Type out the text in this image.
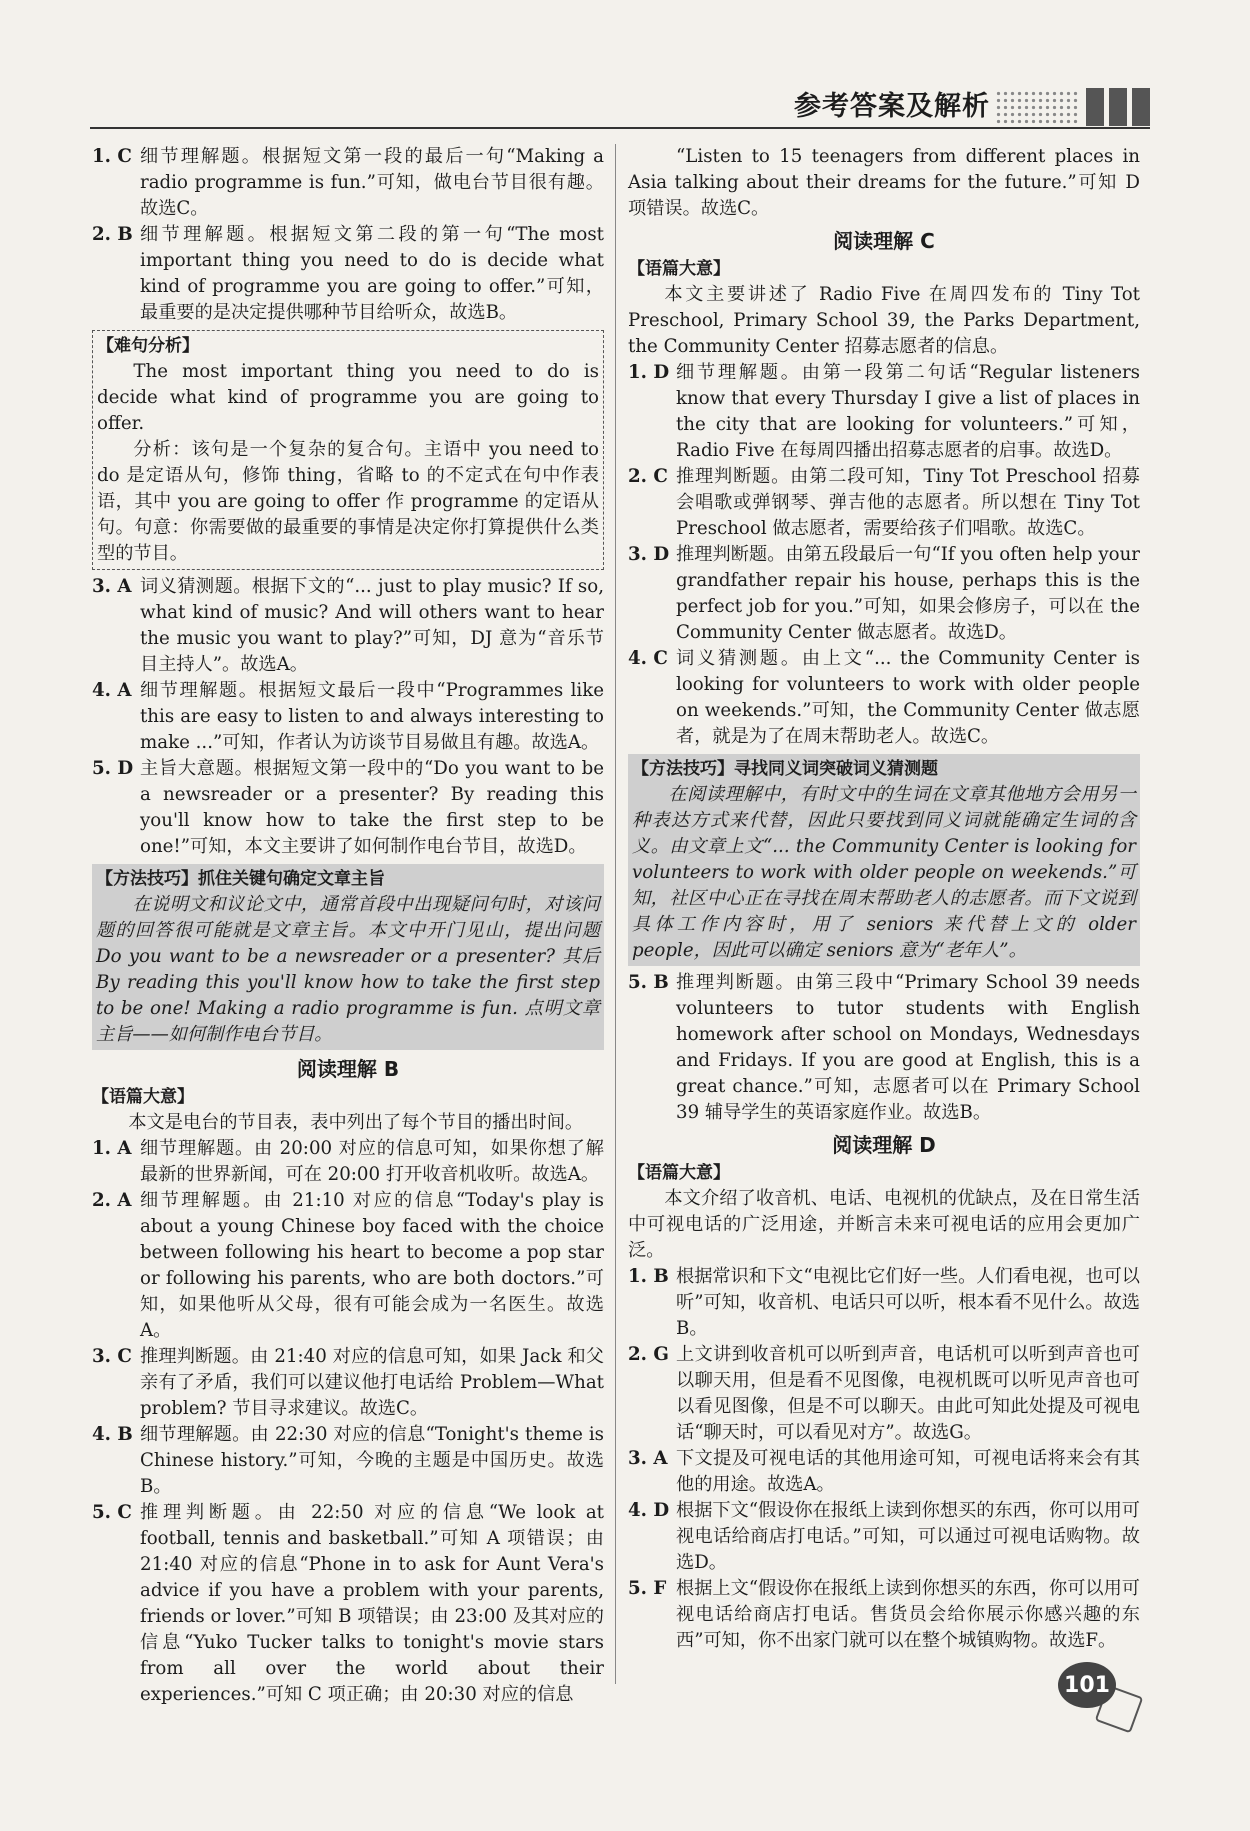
参考答案及解析
1. C 细节理解题。根据短文第一段的最后一句“Making a radio programme is fun.”可知，做电台节目很有趣。故选C。
2. B 细节理解题。根据短文第二段的第一句“The most important thing you need to do is decide what kind of programme you are going to offer.”可知，最重要的是决定提供哪种节目给听众，故选B。
【难句分析】

The most important thing you need to do is decide what kind of programme you are going to offer.

分析：该句是一个复杂的复合句。主语中 you need to do 是定语从句，修饰 thing，省略 to 的不定式在句中作表语，其中 you are going to offer 作 programme 的定语从句。句意：你需要做的最重要的事情是决定你打算提供什么类型的节目。

3. A 词义猜测题。根据下文的“... just to play music? If so, what kind of music? And will others want to hear the music you want to play?”可知，DJ 意为“音乐节目主持人”。故选A。
4. A 细节理解题。根据短文最后一段中“Programmes like this are easy to listen to and always interesting to make ...”可知，作者认为访谈节目易做且有趣。故选A。
5. D 主旨大意题。根据短文第一段中的“Do you want to be a newsreader or a presenter? By reading this you'll know how to take the first step to be one!”可知，本文主要讲了如何制作电台节目，故选D。
【方法技巧】抓住关键句确定文章主旨

在说明文和议论文中，通常首段中出现疑问句时，对该问题的回答很可能就是文章主旨。本文中开门见山，提出问题 Do you want to be a newsreader or a presenter? 其后 By reading this you'll know how to take the first step to be one! Making a radio programme is fun. 点明文章主旨——如何制作电台节目。

阅读理解 B
【语篇大意】

本文是电台的节目表，表中列出了每个节目的播出时间。

1. A 细节理解题。由 20:00 对应的信息可知，如果你想了解最新的世界新闻，可在 20:00 打开收音机收听。故选A。
2. A 细节理解题。由 21:10 对应的信息“Today's play is about a young Chinese boy faced with the choice between following his heart to become a pop star or following his parents, who are both doctors.”可知，如果他听从父母，很有可能会成为一名医生。故选A。
3. C 推理判断题。由 21:40 对应的信息可知，如果 Jack 和父亲有了矛盾，我们可以建议他打电话给 Problem—What problem? 节目寻求建议。故选C。
4. B 细节理解题。由 22:30 对应的信息“Tonight's theme is Chinese history.”可知，今晚的主题是中国历史。故选B。
5. C 推理判断题。由 22:50 对应的信息“We look at football, tennis and basketball.”可知 A 项错误；由 21:40 对应的信息“Phone in to ask for Aunt Vera's advice if you have a problem with your parents, friends or lover.”可知 B 项错误；由 23:00 及其对应的信息“Yuko Tucker talks to tonight's movie stars from all over the world about their experiences.”可知 C 项正确；由 20:30 对应的信息

“Listen to 15 teenagers from different places in Asia talking about their dreams for the future.”可知 D 项错误。故选C。

阅读理解 C
【语篇大意】

本文主要讲述了 Radio Five 在周四发布的 Tiny Tot Preschool, Primary School 39, the Parks Department, the Community Center 招募志愿者的信息。

1. D 细节理解题。由第一段第二句话“Regular listeners know that every Thursday I give a list of places in the city that are looking for volunteers.”可知，Radio Five 在每周四播出招募志愿者的启事。故选D。
2. C 推理判断题。由第二段可知，Tiny Tot Preschool 招募会唱歌或弹钢琴、弹吉他的志愿者。所以想在 Tiny Tot Preschool 做志愿者，需要给孩子们唱歌。故选C。
3. D 推理判断题。由第五段最后一句“If you often help your grandfather repair his house, perhaps this is the perfect job for you.”可知，如果会修房子，可以在 the Community Center 做志愿者。故选D。
4. C 词义猜测题。由上文“... the Community Center is looking for volunteers to work with older people on weekends.”可知，the Community Center 做志愿者，就是为了在周末帮助老人。故选C。
【方法技巧】寻找同义词突破词义猜测题

在阅读理解中，有时文中的生词在文章其他地方会用另一种表达方式来代替，因此只要找到同义词就能确定生词的含义。由文章上文“... the Community Center is looking for volunteers to work with older people on weekends.”可知，社区中心正在寻找在周末帮助老人的志愿者。而下文说到具体工作内容时，用了 seniors 来代替上文的 older people，因此可以确定 seniors 意为“老年人”。

5. B 推理判断题。由第三段中“Primary School 39 needs volunteers to tutor students with English homework after school on Mondays, Wednesdays and Fridays. If you are good at English, this is a great chance.”可知，志愿者可以在 Primary School 39 辅导学生的英语家庭作业。故选B。
阅读理解 D
【语篇大意】

本文介绍了收音机、电话、电视机的优缺点，及在日常生活中可视电话的广泛用途，并断言未来可视电话的应用会更加广泛。

1. B 根据常识和下文“电视比它们好一些。人们看电视，也可以听”可知，收音机、电话只可以听，根本看不见什么。故选B。
2. G 上文讲到收音机可以听到声音，电话机可以听到声音也可以聊天用，但是看不见图像，电视机既可以听见声音也可以看见图像，但是不可以聊天。由此可知此处提及可视电话“聊天时，可以看见对方”。故选G。
3. A 下文提及可视电话的其他用途可知，可视电话将来会有其他的用途。故选A。
4. D 根据下文“假设你在报纸上读到你想买的东西，你可以用可视电话给商店打电话。”可知，可以通过可视电话购物。故选D。
5. F 根据上文“假设你在报纸上读到你想买的东西，你可以用可视电话给商店打电话。售货员会给你展示你感兴趣的东西”可知，你不出家门就可以在整个城镇购物。故选F。
101
